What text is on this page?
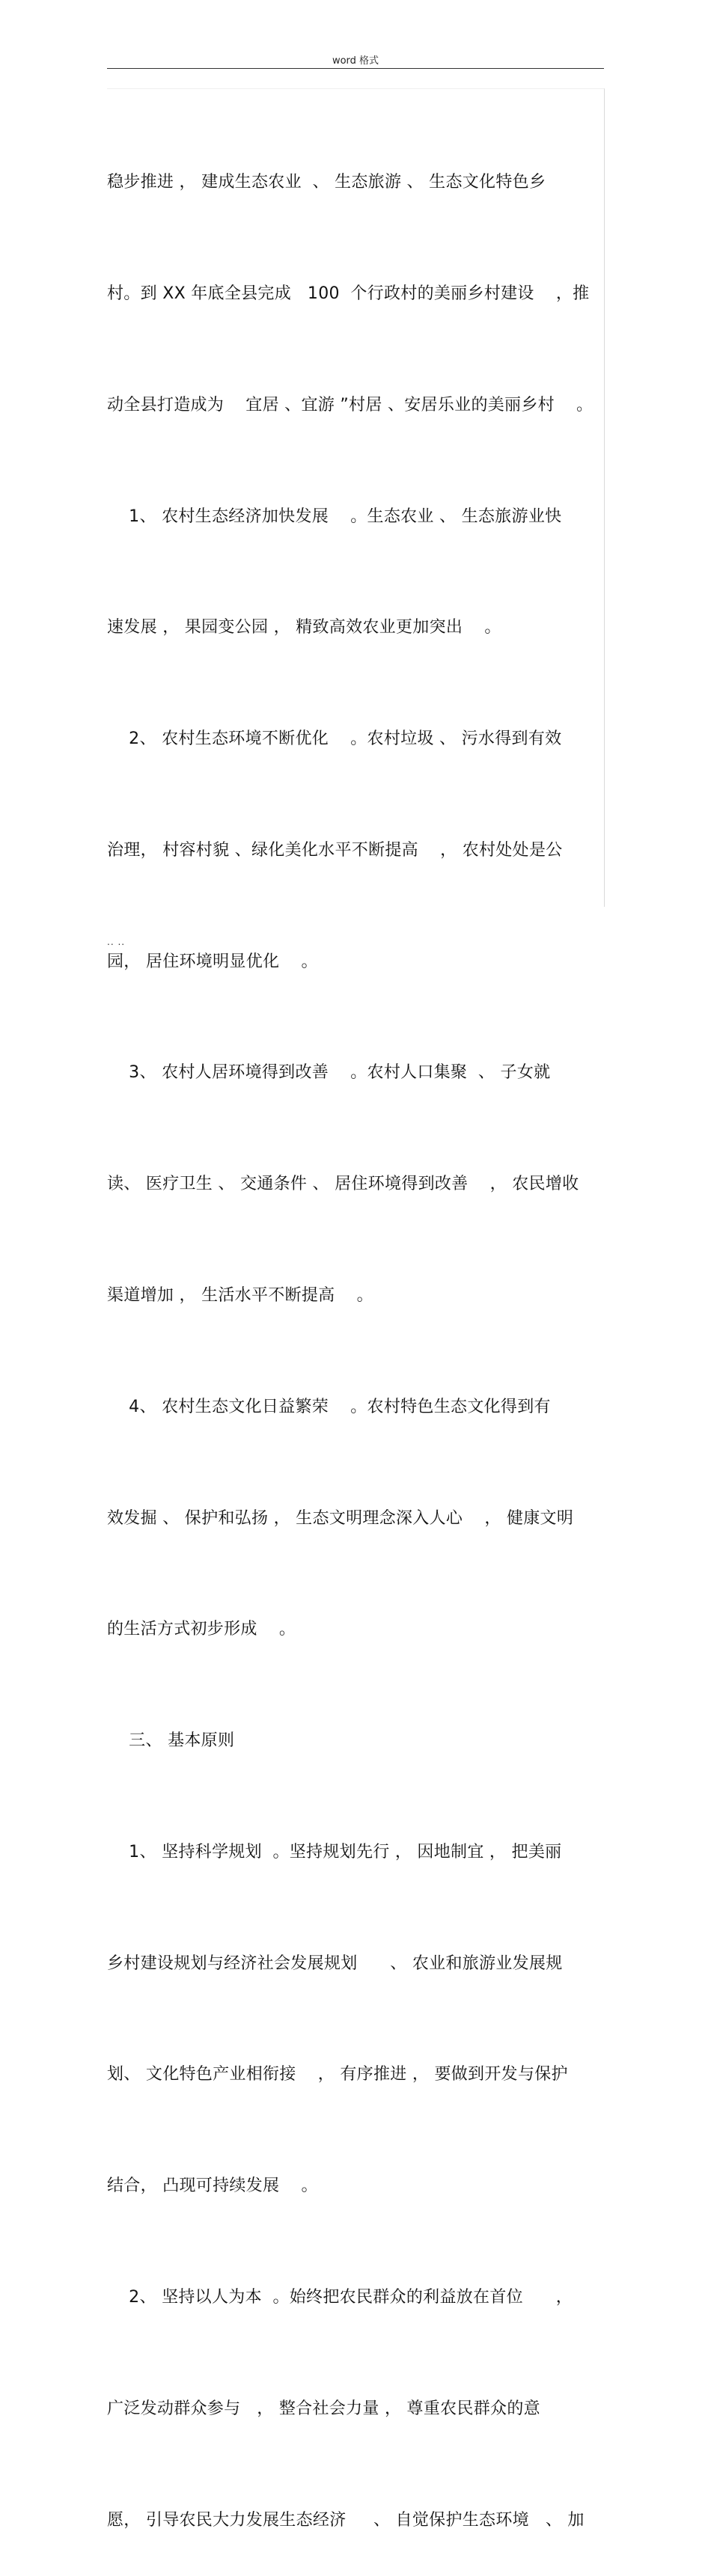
word 格式

稳步推进 ， 建成生态农业  、 生态旅游 、 生态文化特色乡

村。到 XX 年底全县完成   100  个行政村的美丽乡村建设    ，推

动全县打造成为    宜居 、宜游 ”村居 、安居乐业的美丽乡村    。

1、 农村生态经济加快发展    。生态农业 、 生态旅游业快

速发展 ， 果园变公园 ， 精致高效农业更加突出    。

2、 农村生态环境不断优化    。农村垃圾 、 污水得到有效

治理， 村容村貌 、绿化美化水平不断提高    ， 农村处处是公

园， 居住环境明显优化    。

3、 农村人居环境得到改善    。农村人口集聚  、 子女就

读、 医疗卫生 、 交通条件 、 居住环境得到改善    ， 农民增收

渠道增加 ， 生活水平不断提高    。

4、 农村生态文化日益繁荣    。农村特色生态文化得到有

效发掘 、 保护和弘扬 ， 生态文明理念深入人心    ， 健康文明

的生活方式初步形成    。

三、 基本原则

1、 坚持科学规划  。坚持规划先行 ， 因地制宜 ， 把美丽

乡村建设规划与经济社会发展规划      、 农业和旅游业发展规

划、 文化特色产业相衔接    ， 有序推进 ， 要做到开发与保护

结合， 凸现可持续发展    。

2、 坚持以人为本  。始终把农民群众的利益放在首位      ，

广泛发动群众参与   ， 整合社会力量 ， 尊重农民群众的意

愿， 引导农民大力发展生态经济     、 自觉保护生态环境   、 加

.. ..
